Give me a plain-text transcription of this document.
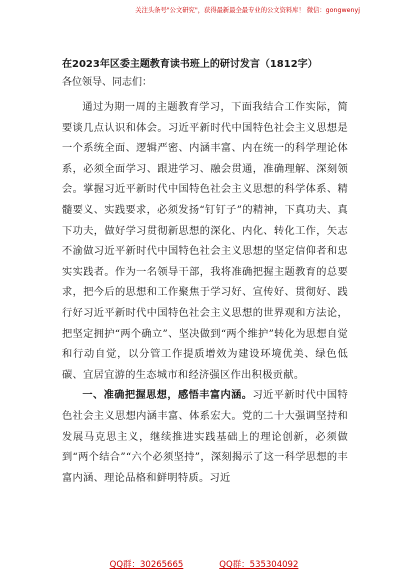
关注头条号"公文研究"，获得最新最全最专业的公文资料库！ 微信：gongwenyj
在2023年区委主题教育读书班上的研讨发言（1812字）
各位领导、同志们：

通过为期一周的主题教育学习，下面我结合工作实际，简要谈几点认识和体会。习近平新时代中国特色社会主义思想是一个系统全面、逻辑严密、内涵丰富、内在统一的科学理论体系，必须全面学习、跟进学习、融会贯通，准确理解、深刻领会。掌握习近平新时代中国特色社会主义思想的科学体系、精髓要义、实践要求，必须发扬“钉钉子”的精神，下真功夫、真下功夫，做好学习贯彻新思想的深化、内化、转化工作，矢志不渝做习近平新时代中国特色社会主义思想的坚定信仰者和忠实实践者。作为一名领导干部，我将准确把握主题教育的总要求，把今后的思想和工作聚焦于学习好、宣传好、贯彻好、践行好习近平新时代中国特色社会主义思想的世界观和方法论，把坚定拥护“两个确立”、坚决做到“两个维护”转化为思想自觉和行动自觉，以分管工作提质增效为建设环境优美、绿色低碳、宜居宜游的生态城市和经济强区作出积极贡献。

一、准确把握思想，感悟丰富内涵。习近平新时代中国特色社会主义思想内涵丰富、体系宏大。党的二十大强调坚持和发展马克思主义，继续推进实践基础上的理论创新，必须做到“两个结合”“六个必须坚持”，深刻揭示了这一科学思想的丰富内涵、理论品格和鲜明特质。习近

QQ群：30265665	QQ群：535304092
